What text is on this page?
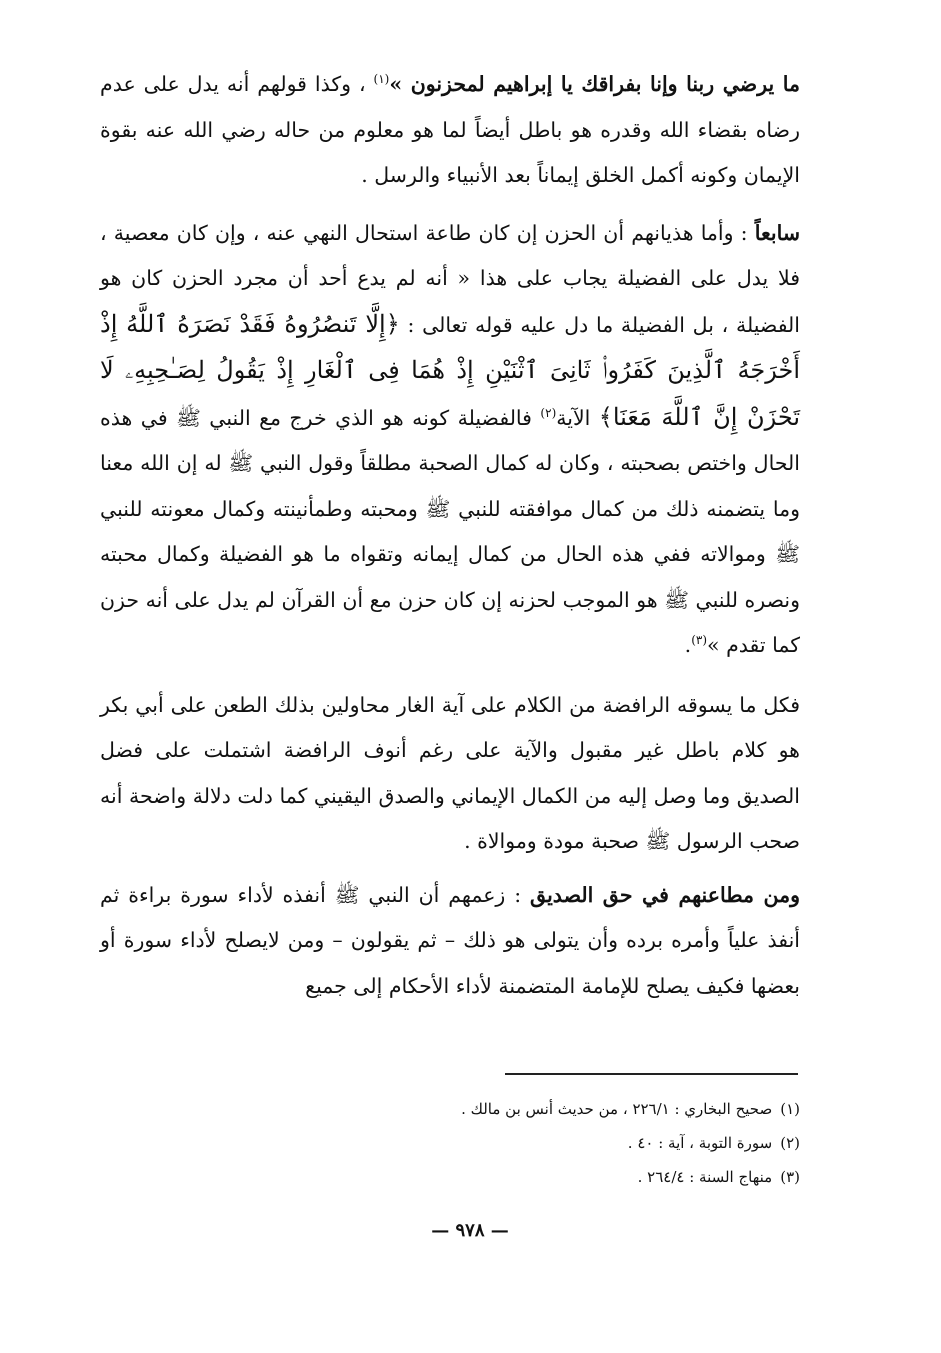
ما يرضي ربنا وإنا بفراقك يا إبراهيم لمحزنون »$^{(١)}$ ، وكذا قولهم أنه يدل على عدم رضاه بقضاء الله وقدره هو باطل أيضاً لما هو معلوم من حاله رضي الله عنه بقوة الإيمان وكونه أكمل الخلق إيماناً بعد الأنبياء والرسل .

سابعاً : وأما هذيانهم أن الحزن إن كان طاعة استحال النهي عنه ، وإن كان معصية ، فلا يدل على الفضيلة يجاب على هذا « أنه لم يدع أحد أن مجرد الحزن كان هو الفضيلة ، بل الفضيلة ما دل عليه قوله تعالى : ﴿إِلَّا تَنصُرُوهُ فَقَدْ نَصَرَهُ ٱللَّهُ إِذْ أَخْرَجَهُ ٱلَّذِينَ كَفَرُوا۟ ثَانِىَ ٱثْنَيْنِ إِذْ هُمَا فِى ٱلْغَارِ إِذْ يَقُولُ لِصَـٰحِبِهِۦ لَا تَحْزَنْ إِنَّ ٱللَّهَ مَعَنَا﴾ الآية$^{(٢)}$ فالفضيلة كونه هو الذي خرج مع النبي ﷺ في هذه الحال واختص بصحبته ، وكان له كمال الصحبة مطلقاً وقول النبي ﷺ له إن الله معنا وما يتضمنه ذلك من كمال موافقته للنبي ﷺ ومحبته وطمأنينته وكمال معونته للنبي ﷺ وموالاته ففي هذه الحال من كمال إيمانه وتقواه ما هو الفضيلة وكمال محبته ونصره للنبي ﷺ هو الموجب لحزنه إن كان حزن مع أن القرآن لم يدل على أنه حزن كما تقدم »$^{(٣)}$.

فكل ما يسوقه الرافضة من الكلام على آية الغار محاولين بذلك الطعن على أبي بكر هو كلام باطل غير مقبول والآية على رغم أنوف الرافضة اشتملت على فضل الصديق وما وصل إليه من الكمال الإيماني والصدق اليقيني كما دلت دلالة واضحة أنه صحب الرسول ﷺ صحبة مودة وموالاة .

ومن مطاعنهم في حق الصديق : زعمهم أن النبي ﷺ أنفذه لأداء سورة براءة ثم أنفذ علياً وأمره برده وأن يتولى هو ذلك – ثم يقولون – ومن لايصلح لأداء سورة أو بعضها فكيف يصلح للإمامة المتضمنة لأداء الأحكام إلى جميع

(١)صحيح البخاري : ٢٢٦/١ ، من حديث أنس بن مالك .

(٢)سورة التوبة ، آية : ٤٠ .

(٣)منهاج السنة : ٢٦٤/٤ .

— ٩٧٨ —
